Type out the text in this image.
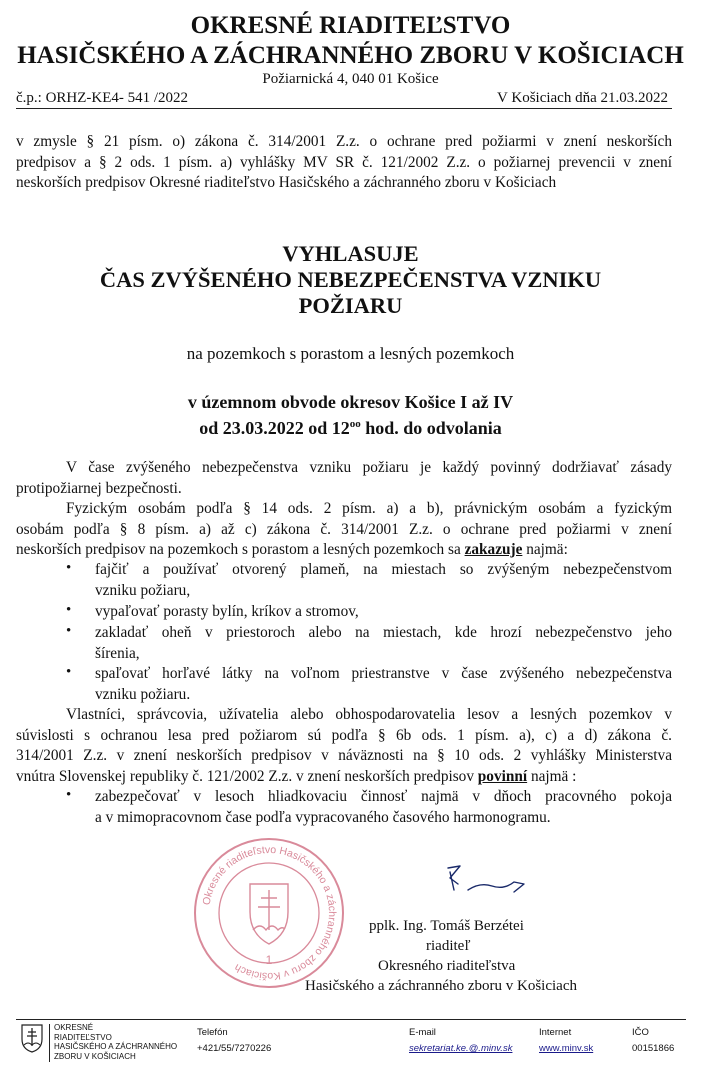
OKRESNÉ RIADITEĽSTVO
HASIČSKÉHO A ZÁCHRANNÉHO ZBORU V KOŠICIACH
Požiarnická 4, 040 01 Košice
č.p.: ORHZ-KE4- 541 /2022	V Košiciach dňa 21.03.2022
v zmysle § 21 písm. o) zákona č. 314/2001 Z.z. o ochrane pred požiarmi v znení neskorších
predpisov a § 2 ods. 1 písm. a) vyhlášky MV SR č. 121/2002 Z.z. o požiarnej prevencii v znení
neskorších predpisov Okresné riaditeľstvo Hasičského a záchranného zboru v Košiciach
VYHLASUJE
ČAS ZVÝŠENÉHO NEBEZPEČENSTVA VZNIKU
POŽIARU
na pozemkoch s porastom a lesných pozemkoch
v územnom obvode okresov Košice I až IV
od 23.03.2022 od $12^{oo}$ hod. do odvolania
V čase zvýšeného nebezpečenstva vzniku požiaru je každý povinný dodržiavať zásady
protipožiarnej bezpečnosti.
Fyzickým osobám podľa § 14 ods. 2 písm. a) a b), právnickým osobám a fyzickým
osobám podľa § 8 písm. a) až c) zákona č. 314/2001 Z.z. o ochrane pred požiarmi v znení
neskorších predpisov na pozemkoch s porastom a lesných pozemkoch sa zakazuje najmä:
•	fajčiť a používať otvorený plameň, na miestach so zvýšeným nebezpečenstvom
vzniku požiaru,
•	vypaľovať porasty bylín, kríkov a stromov,
•	zakladať oheň v priestoroch alebo na miestach, kde hrozí nebezpečenstvo jeho
šírenia,
•	spaľovať horľavé látky na voľnom priestranstve v čase zvýšeného nebezpečenstva
vzniku požiaru.
Vlastníci, správcovia, užívatelia alebo obhospodarovatelia lesov a lesných pozemkov v
súvislosti s ochranou lesa pred požiarom sú podľa § 6b ods. 1 písm. a), c) a d) zákona č.
314/2001 Z.z. v znení neskorších predpisov v náväznosti na § 10 ods. 2 vyhlášky Ministerstva
vnútra Slovenskej republiky č. 121/2002 Z.z. v znení neskorších predpisov povinní najmä :
•	zabezpečovať v lesoch hliadkovaciu činnosť najmä v dňoch pracovného pokoja
a v mimopracovnom čase podľa vypracovaného časového harmonogramu.
Okresné riaditeľstvo Hasičského a záchranného zboru v Košiciach
1
pplk. Ing. Tomáš Berzétei
riaditeľ
Okresného riaditeľstva
Hasičského a záchranného zboru v Košiciach
OKRESNÉ
RIADITEĽSTVO
HASIČSKÉHO A ZÁCHRANNÉHO
ZBORU V KOŠICIACH
Telefón
+421/55/7270226
E-mail
sekretariat.ke.@.minv.sk
Internet
www.minv.sk
IČO
00151866
